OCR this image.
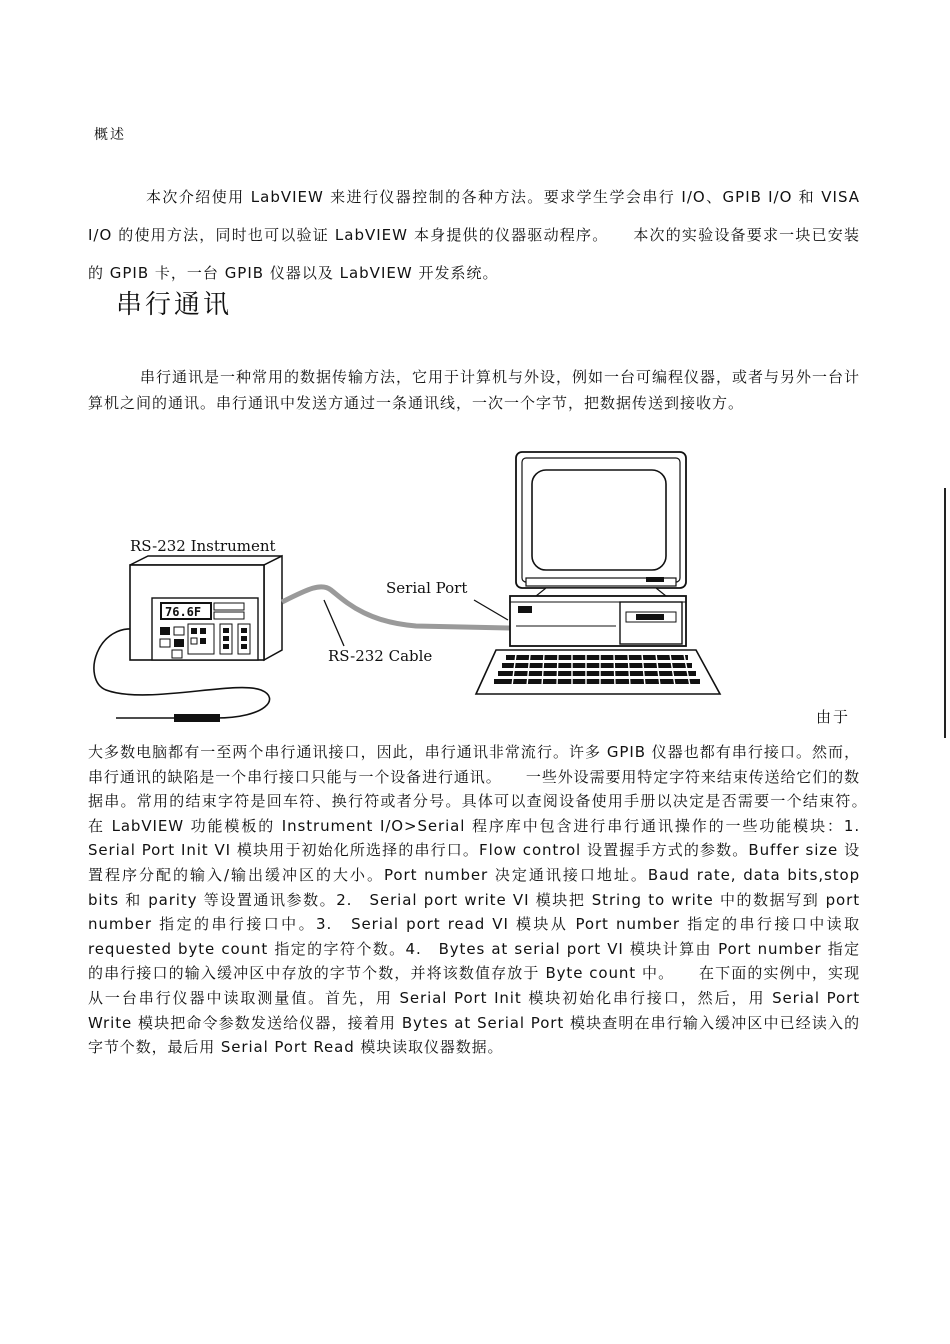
概述

本次介绍使用 LabVIEW 来进行仪器控制的各种方法。要求学生学会串行 I/O、GPIB I/O 和 VISA I/O 的使用方法，同时也可以验证 LabVIEW 本身提供的仪器驱动程序。　　本次的实验设备要求一块已安装的 GPIB 卡，一台 GPIB 仪器以及 LabVIEW 开发系统。

串行通讯

串行通讯是一种常用的数据传输方法，它用于计算机与外设，例如一台可编程仪器，或者与另外一台计算机之间的通讯。串行通讯中发送方通过一条通讯线，一次一个字节，把数据传送到接收方。

76.6F
RS-232 Instrument
Serial Port
RS-232 Cable
由于

大多数电脑都有一至两个串行通讯接口，因此，串行通讯非常流行。许多 GPIB 仪器也都有串行接口。然而，串行通讯的缺陷是一个串行接口只能与一个设备进行通讯。　　一些外设需要用特定字符来结束传送给它们的数据串。常用的结束字符是回车符、换行符或者分号。具体可以查阅设备使用手册以决定是否需要一个结束符。　　在 LabVIEW 功能模板的 Instrument I/O>Serial 程序库中包含进行串行通讯操作的一些功能模块：1.　Serial Port Init VI 模块用于初始化所选择的串行口。Flow control 设置握手方式的参数。Buffer size 设置程序分配的输入/输出缓冲区的大小。Port number 决定通讯接口地址。Baud rate, data bits,stop bits 和 parity 等设置通讯参数。2.　Serial port write VI 模块把 String to write 中的数据写到 port number 指定的串行接口中。3.　Serial port read VI 模块从 Port number 指定的串行接口中读取 requested byte count 指定的字符个数。4.　Bytes at serial port VI 模块计算由 Port number 指定的串行接口的输入缓冲区中存放的字节个数，并将该数值存放于 Byte count 中。　　在下面的实例中，实现从一台串行仪器中读取测量值。首先，用 Serial Port Init 模块初始化串行接口，然后，用 Serial Port Write 模块把命令参数发送给仪器，接着用 Bytes at Serial Port 模块查明在串行输入缓冲区中已经读入的字节个数，最后用 Serial Port Read 模块读取仪器数据。
